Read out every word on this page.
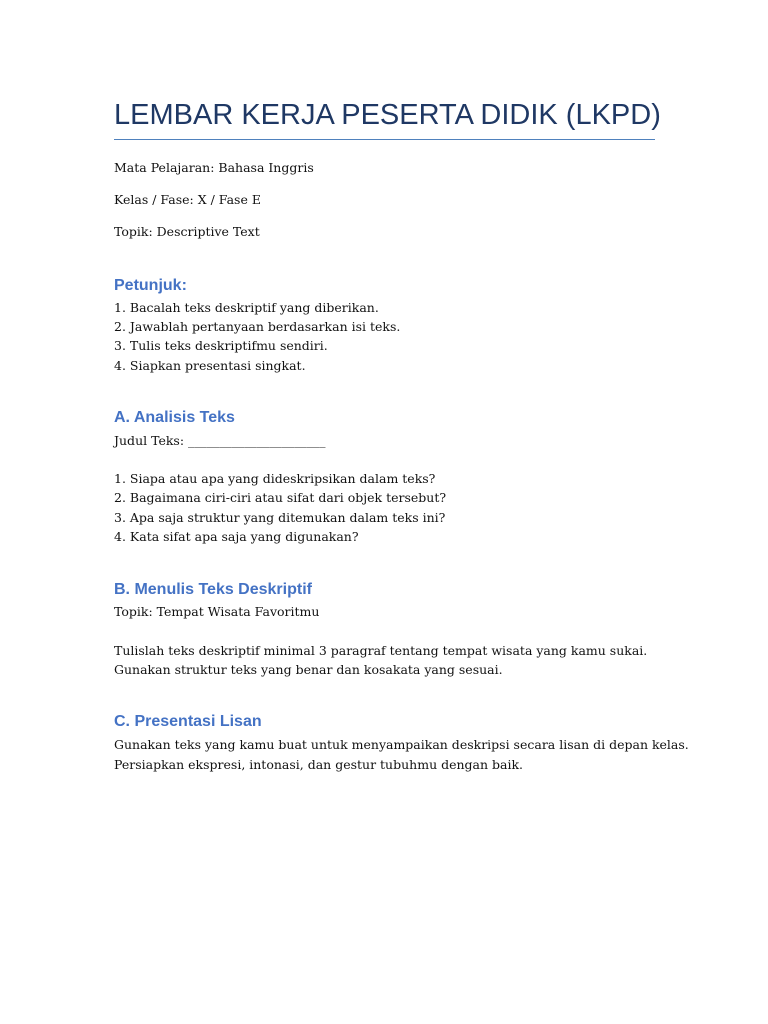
LEMBAR KERJA PESERTA DIDIK (LKPD)
Mata Pelajaran: Bahasa Inggris
Kelas / Fase: X / Fase E
Topik: Descriptive Text
Petunjuk:
1. Bacalah teks deskriptif yang diberikan.
2. Jawablah pertanyaan berdasarkan isi teks.
3. Tulis teks deskriptifmu sendiri.
4. Siapkan presentasi singkat.
A. Analisis Teks
Judul Teks: ______________________
1. Siapa atau apa yang dideskripsikan dalam teks?
2. Bagaimana ciri-ciri atau sifat dari objek tersebut?
3. Apa saja struktur yang ditemukan dalam teks ini?
4. Kata sifat apa saja yang digunakan?
B. Menulis Teks Deskriptif
Topik: Tempat Wisata Favoritmu
Tulislah teks deskriptif minimal 3 paragraf tentang tempat wisata yang kamu sukai.
Gunakan struktur teks yang benar dan kosakata yang sesuai.
C. Presentasi Lisan
Gunakan teks yang kamu buat untuk menyampaikan deskripsi secara lisan di depan kelas.
Persiapkan ekspresi, intonasi, dan gestur tubuhmu dengan baik.
